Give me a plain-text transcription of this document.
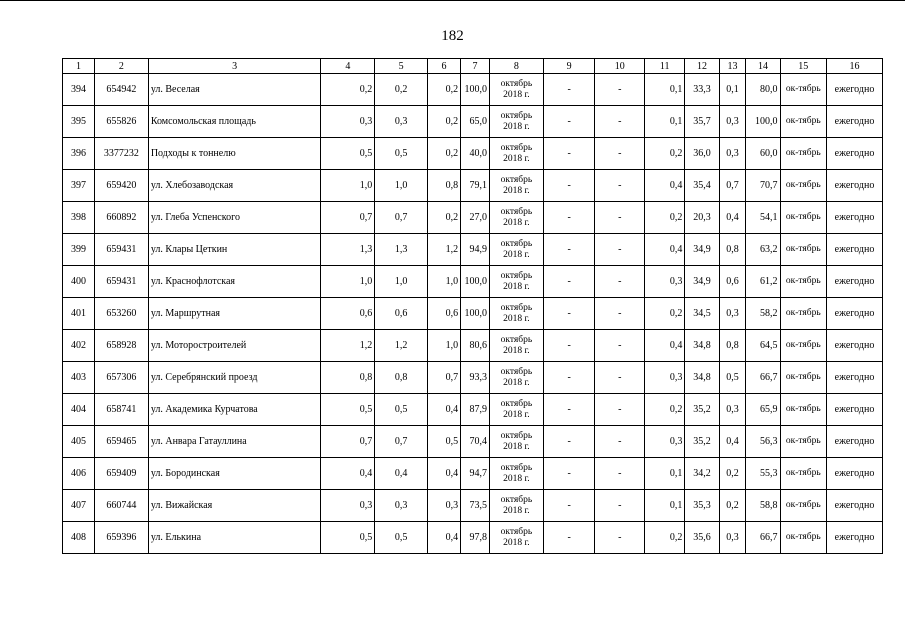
182
1	2	3	4	5	6	7	8	9	10	11	12	13	14	15	16
394	654942	ул. Веселая	0,2	0,2	0,2	100,0	октябрь 2018 г.	-	-	0,1	33,3	0,1	80,0	ок-тябрь	ежегодно
395	655826	Комсомольская площадь	0,3	0,3	0,2	65,0	октябрь 2018 г.	-	-	0,1	35,7	0,3	100,0	ок-тябрь	ежегодно
396	3377232	Подходы к тоннелю	0,5	0,5	0,2	40,0	октябрь 2018 г.	-	-	0,2	36,0	0,3	60,0	ок-тябрь	ежегодно
397	659420	ул. Хлебозаводская	1,0	1,0	0,8	79,1	октябрь 2018 г.	-	-	0,4	35,4	0,7	70,7	ок-тябрь	ежегодно
398	660892	ул. Глеба Успенского	0,7	0,7	0,2	27,0	октябрь 2018 г.	-	-	0,2	20,3	0,4	54,1	ок-тябрь	ежегодно
399	659431	ул. Клары Цеткин	1,3	1,3	1,2	94,9	октябрь 2018 г.	-	-	0,4	34,9	0,8	63,2	ок-тябрь	ежегодно
400	659431	ул. Краснофлотская	1,0	1,0	1,0	100,0	октябрь 2018 г.	-	-	0,3	34,9	0,6	61,2	ок-тябрь	ежегодно
401	653260	ул. Маршрутная	0,6	0,6	0,6	100,0	октябрь 2018 г.	-	-	0,2	34,5	0,3	58,2	ок-тябрь	ежегодно
402	658928	ул. Моторостроителей	1,2	1,2	1,0	80,6	октябрь 2018 г.	-	-	0,4	34,8	0,8	64,5	ок-тябрь	ежегодно
403	657306	ул. Серебрянский проезд	0,8	0,8	0,7	93,3	октябрь 2018 г.	-	-	0,3	34,8	0,5	66,7	ок-тябрь	ежегодно
404	658741	ул. Академика Курчатова	0,5	0,5	0,4	87,9	октябрь 2018 г.	-	-	0,2	35,2	0,3	65,9	ок-тябрь	ежегодно
405	659465	ул. Анвара Гатауллина	0,7	0,7	0,5	70,4	октябрь 2018 г.	-	-	0,3	35,2	0,4	56,3	ок-тябрь	ежегодно
406	659409	ул. Бородинская	0,4	0,4	0,4	94,7	октябрь 2018 г.	-	-	0,1	34,2	0,2	55,3	ок-тябрь	ежегодно
407	660744	ул. Вижайская	0,3	0,3	0,3	73,5	октябрь 2018 г.	-	-	0,1	35,3	0,2	58,8	ок-тябрь	ежегодно
408	659396	ул. Елькина	0,5	0,5	0,4	97,8	октябрь 2018 г.	-	-	0,2	35,6	0,3	66,7	ок-тябрь	ежегодно
